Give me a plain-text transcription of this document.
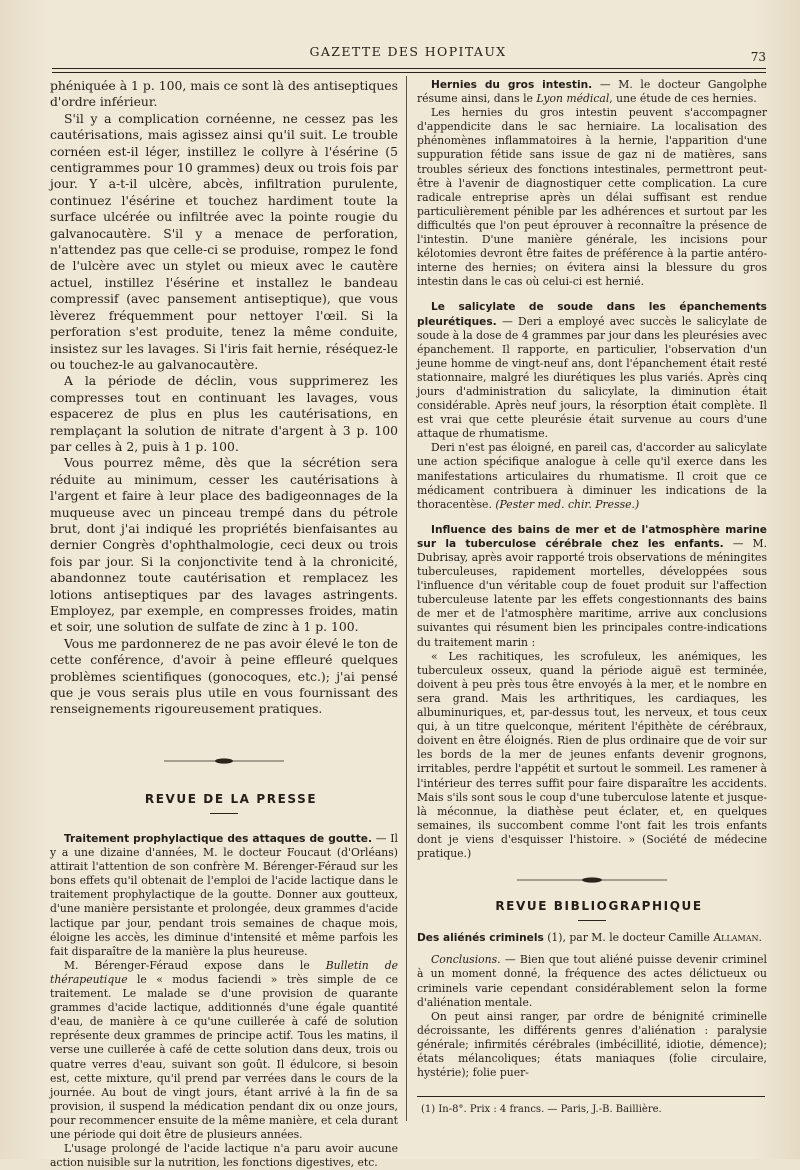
GAZETTE DES HOPITAUX	73

phéniquée à 1 p. 100, mais ce sont là des antiseptiques d'ordre inférieur.

S'il y a complication cornéenne, ne cessez pas les cautérisations, mais agissez ainsi qu'il suit. Le trouble cornéen est-il léger, instillez le collyre à l'ésérine (5 centigrammes pour 10 grammes) deux ou trois fois par jour. Y a-t-il ulcère, abcès, infiltration purulente, continuez l'ésérine et touchez hardiment toute la surface ulcérée ou infiltrée avec la pointe rougie du galvanocautère. S'il y a menace de perforation, n'attendez pas que celle-ci se produise, rompez le fond de l'ulcère avec un stylet ou mieux avec le cautère actuel, instillez l'ésérine et installez le bandeau compressif (avec pansement antiseptique), que vous lèverez fréquemment pour nettoyer l'œil. Si la perforation s'est produite, tenez la même conduite, insistez sur les lavages. Si l'iris fait hernie, réséquez-le ou touchez-le au galvanocautère.

A la période de déclin, vous supprimerez les compresses tout en continuant les lavages, vous espacerez de plus en plus les cautérisations, en remplaçant la solution de nitrate d'argent à 3 p. 100 par celles à 2, puis à 1 p. 100.

Vous pourrez même, dès que la sécrétion sera réduite au minimum, cesser les cautérisations à l'argent et faire à leur place des badigeonnages de la muqueuse avec un pinceau trempé dans du pétrole brut, dont j'ai indiqué les propriétés bienfaisantes au dernier Congrès d'ophthalmologie, ceci deux ou trois fois par jour. Si la conjonctivite tend à la chronicité, abandonnez toute cautérisation et remplacez les lotions antiseptiques par des lavages astringents. Employez, par exemple, en compresses froides, matin et soir, une solution de sulfate de zinc à 1 p. 100.

Vous me pardonnerez de ne pas avoir élevé le ton de cette conférence, d'avoir à peine effleuré quelques problèmes scientifiques (gonocoques, etc.); j'ai pensé que je vous serais plus utile en vous fournissant des renseignements rigoureusement pratiques.

REVUE DE LA PRESSE

Traitement prophylactique des attaques de goutte. — Il y a une dizaine d'années, M. le docteur Foucaut (d'Orléans) attirait l'attention de son confrère M. Bérenger-Féraud sur les bons effets qu'il obtenait de l'emploi de l'acide lactique dans le traitement prophylactique de la goutte. Donner aux goutteux, d'une manière persistante et prolongée, deux grammes d'acide lactique par jour, pendant trois semaines de chaque mois, éloigne les accès, les diminue d'intensité et même parfois les fait disparaître de la manière la plus heureuse.

M. Bérenger-Féraud expose dans le Bulletin de thérapeutique le « modus faciendi » très simple de ce traitement. Le malade se d'une provision de quarante grammes d'acide lactique, additionnés d'une égale quantité d'eau, de manière à ce qu'une cuillerée à café de solution représente deux grammes de principe actif. Tous les matins, il verse une cuillerée à café de cette solution dans deux, trois ou quatre verres d'eau, suivant son goût. Il édulcore, si besoin est, cette mixture, qu'il prend par verrées dans le cours de la journée. Au bout de vingt jours, étant arrivé à la fin de sa provision, il suspend la médication pendant dix ou onze jours, pour recommencer ensuite de la même manière, et cela durant une période qui doit être de plusieurs années.

L'usage prolongé de l'acide lactique n'a paru avoir aucune action nuisible sur la nutrition, les fonctions digestives, etc.

Hernies du gros intestin. — M. le docteur Gangolphe résume ainsi, dans le Lyon médical, une étude de ces hernies.

Les hernies du gros intestin peuvent s'accompagner d'appendicite dans le sac herniaire. La localisation des phénomènes inflammatoires à la hernie, l'apparition d'une suppuration fétide sans issue de gaz ni de matières, sans troubles sérieux des fonctions intestinales, permettront peut-être à l'avenir de diagnostiquer cette complication. La cure radicale entreprise après un délai suffisant est rendue particulièrement pénible par les adhérences et surtout par les difficultés que l'on peut éprouver à reconnaître la présence de l'intestin. D'une manière générale, les incisions pour kélotomies devront être faites de préférence à la partie antéro-interne des hernies; on évitera ainsi la blessure du gros intestin dans le cas où celui-ci est hernié.

Le salicylate de soude dans les épanchements pleurétiques. — Deri a employé avec succès le salicylate de soude à la dose de 4 grammes par jour dans les pleurésies avec épanchement. Il rapporte, en particulier, l'observation d'un jeune homme de vingt-neuf ans, dont l'épanchement était resté stationnaire, malgré les diurétiques les plus variés. Après cinq jours d'administration du salicylate, la diminution était considérable. Après neuf jours, la résorption était complète. Il est vrai que cette pleurésie était survenue au cours d'une attaque de rhumatisme.

Deri n'est pas éloigné, en pareil cas, d'accorder au salicylate une action spécifique analogue à celle qu'il exerce dans les manifestations articulaires du rhumatisme. Il croit que ce médicament contribuera à diminuer les indications de la thoracentèse. (Pester med. chir. Presse.)

Influence des bains de mer et de l'atmosphère marine sur la tuberculose cérébrale chez les enfants. — M. Dubrisay, après avoir rapporté trois observations de méningites tuberculeuses, rapidement mortelles, développées sous l'influence d'un véritable coup de fouet produit sur l'affection tuberculeuse latente par les effets congestionnants des bains de mer et de l'atmosphère maritime, arrive aux conclusions suivantes qui résument bien les principales contre-indications du traitement marin :

« Les rachitiques, les scrofuleux, les anémiques, les tuberculeux osseux, quand la période aiguë est terminée, doivent à peu près tous être envoyés à la mer, et le nombre en sera grand. Mais les arthritiques, les cardiaques, les albuminuriques, et, par-dessus tout, les nerveux, et tous ceux qui, à un titre quelconque, méritent l'épithète de cérébraux, doivent en être éloignés. Rien de plus ordinaire que de voir sur les bords de la mer de jeunes enfants devenir grognons, irritables, perdre l'appétit et surtout le sommeil. Les ramener à l'intérieur des terres suffit pour faire disparaître les accidents. Mais s'ils sont sous le coup d'une tuberculose latente et jusque-là méconnue, la diathèse peut éclater, et, en quelques semaines, ils succombent comme l'ont fait les trois enfants dont je viens d'esquisser l'histoire. » (Société de médecine pratique.)

REVUE BIBLIOGRAPHIQUE

Des aliénés criminels (1), par M. le docteur Camille Allaman.

Conclusions. — Bien que tout aliéné puisse devenir criminel à un moment donné, la fréquence des actes délictueux ou criminels varie cependant considérablement selon la forme d'aliénation mentale.

On peut ainsi ranger, par ordre de bénignité criminelle décroissante, les différents genres d'aliénation : paralysie générale; infirmités cérébrales (imbécillité, idiotie, démence); états mélancoliques; états maniaques (folie circulaire, hystérie); folie puer-

(1) In-8°. Prix : 4 francs. — Paris, J.-B. Baillière.
